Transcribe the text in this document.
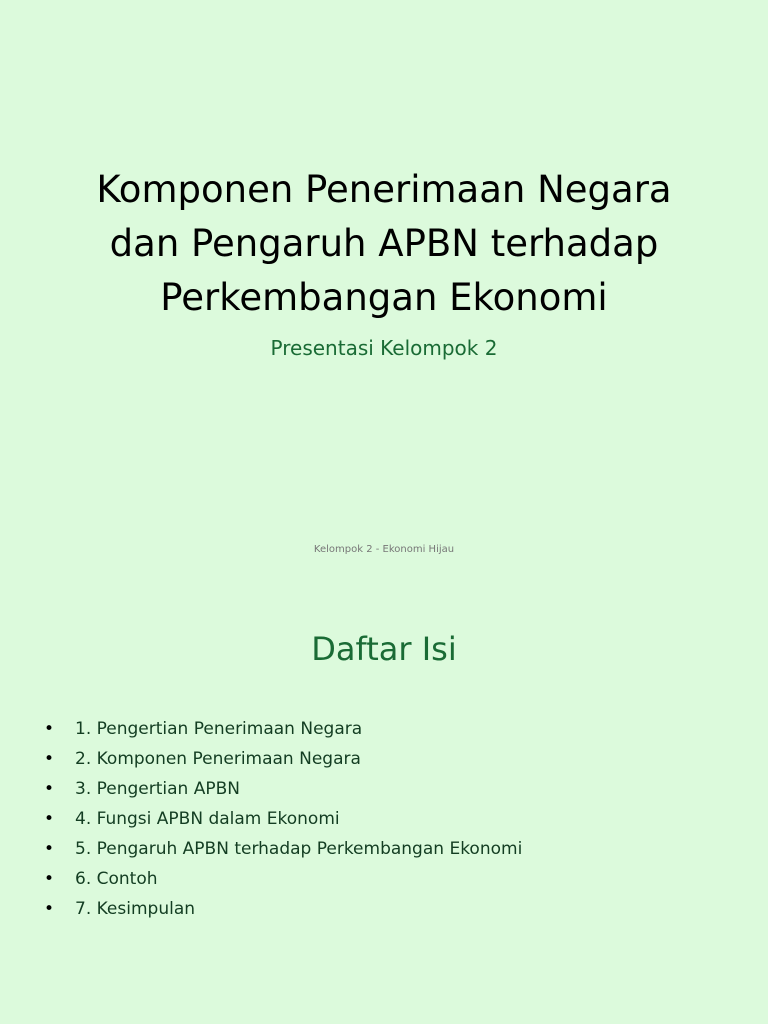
Komponen Penerimaan Negara
dan Pengaruh APBN terhadap
Perkembangan Ekonomi
Presentasi Kelompok 2
Kelompok 2 - Ekonomi Hijau
Daftar Isi
• 1. Pengertian Penerimaan Negara
• 2. Komponen Penerimaan Negara
• 3. Pengertian APBN
• 4. Fungsi APBN dalam Ekonomi
• 5. Pengaruh APBN terhadap Perkembangan Ekonomi
• 6. Contoh
• 7. Kesimpulan
